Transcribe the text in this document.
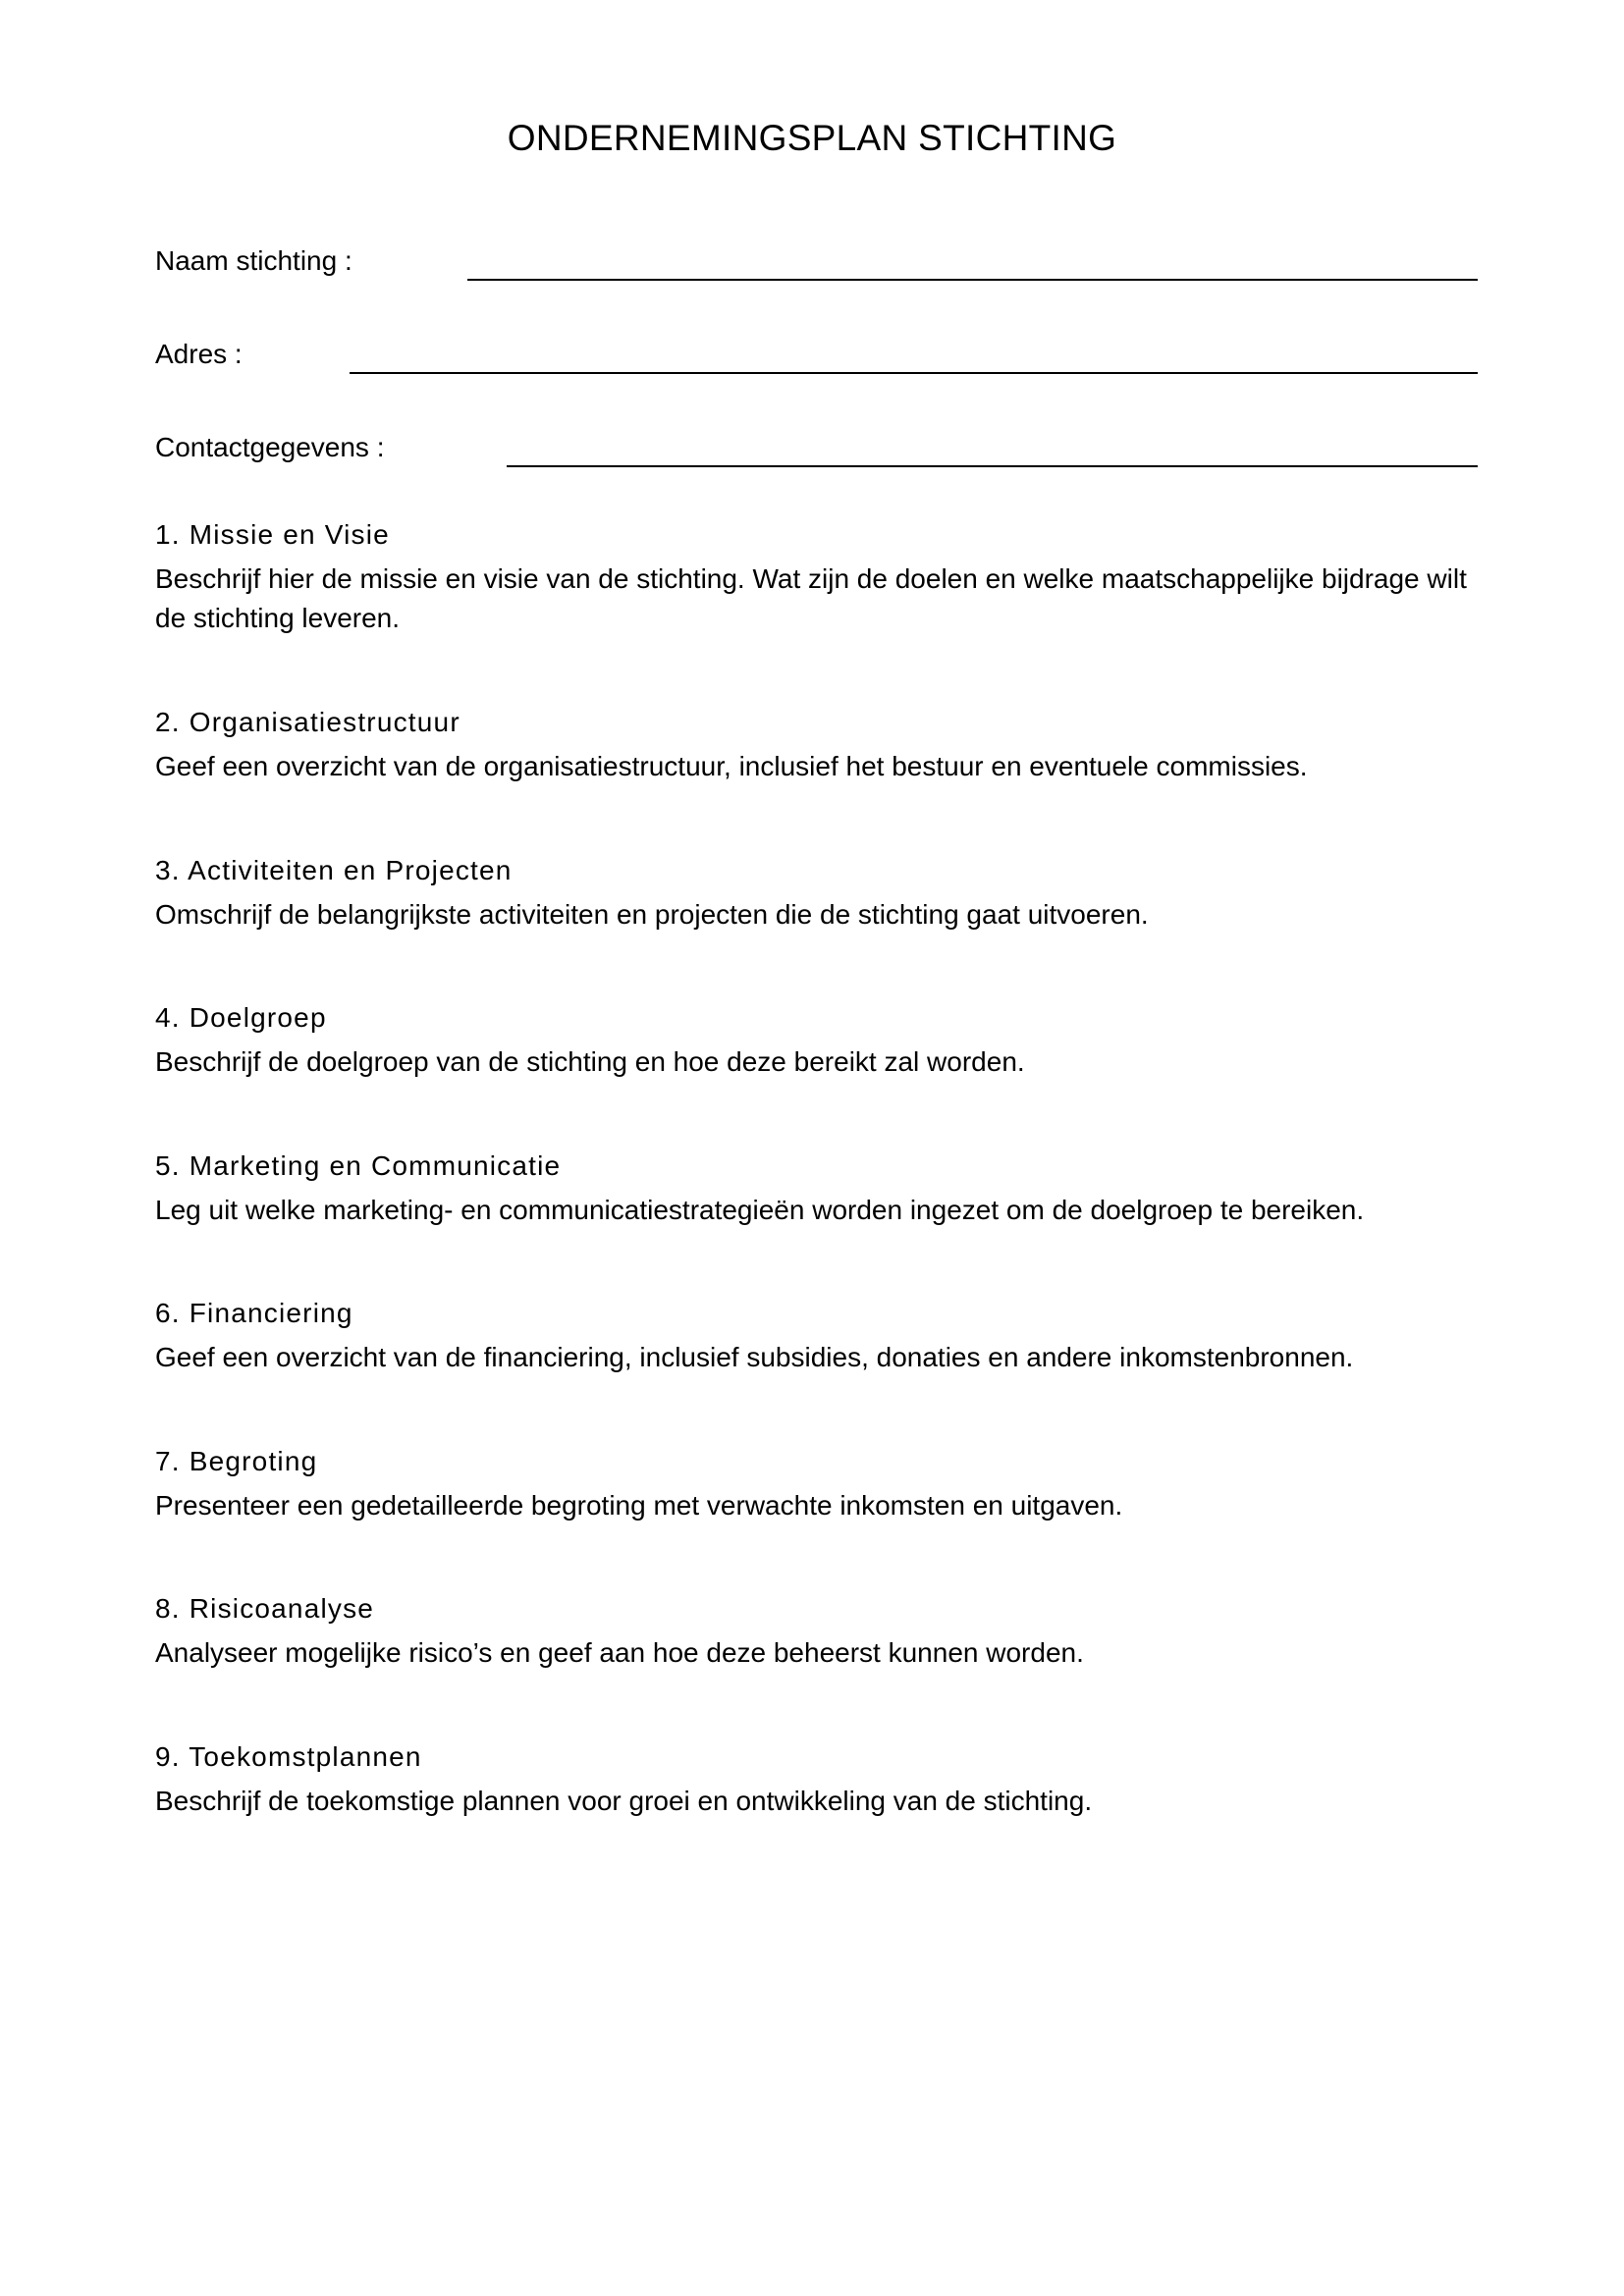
ONDERNEMINGSPLAN STICHTING
Naam stichting :
Adres :
Contactgegevens :
1. Missie en Visie

Beschrijf hier de missie en visie van de stichting. Wat zijn de doelen en welke maatschappelijke bijdrage wilt de stichting leveren.

2. Organisatiestructuur

Geef een overzicht van de organisatiestructuur, inclusief het bestuur en eventuele commissies.

3. Activiteiten en Projecten

Omschrijf de belangrijkste activiteiten en projecten die de stichting gaat uitvoeren.

4. Doelgroep

Beschrijf de doelgroep van de stichting en hoe deze bereikt zal worden.

5. Marketing en Communicatie

Leg uit welke marketing- en communicatiestrategieën worden ingezet om de doelgroep te bereiken.

6. Financiering

Geef een overzicht van de financiering, inclusief subsidies, donaties en andere inkomstenbronnen.

7. Begroting

Presenteer een gedetailleerde begroting met verwachte inkomsten en uitgaven.

8. Risicoanalyse

Analyseer mogelijke risico’s en geef aan hoe deze beheerst kunnen worden.

9. Toekomstplannen

Beschrijf de toekomstige plannen voor groei en ontwikkeling van de stichting.
